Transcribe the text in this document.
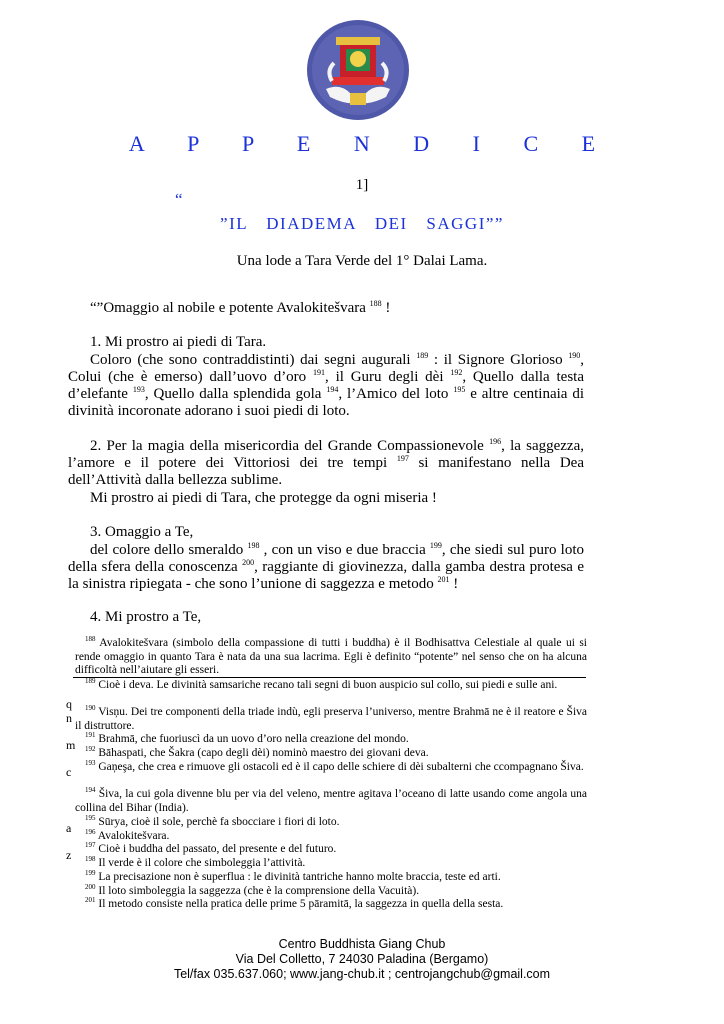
A P P E N D I C E
1]
“
”IL DIADEMA DEI SAGGI””
Una lode a Tara Verde del 1° Dalai Lama.
“”Omaggio al nobile e potente Avalokitešvara $^{188}$ !
1. Mi prostro ai piedi di Tara.
Coloro (che sono contraddistinti) dai segni augurali $^{189}$ : il Signore Glorioso $^{190}$, Colui (che è emerso) dall’uovo d’oro $^{191}$, il Guru degli dèi $^{192}$, Quello dalla testa d’elefante $^{193}$, Quello dalla splendida gola $^{194}$, l’Amico del loto $^{195}$ e altre centinaia di divinità incoronate adorano i suoi piedi di loto.
2. Per la magia della misericordia del Grande Compassionevole $^{196}$, la saggezza, l’amore e il potere dei Vittoriosi dei tre tempi $^{197}$ si manifestano nella Dea dell’Attività dalla bellezza sublime.
Mi prostro ai piedi di Tara, che protegge da ogni miseria !
3. Omaggio a Te,
del colore dello smeraldo $^{198}$ , con un viso e due braccia $^{199}$, che siedi sul puro loto della sfera della conoscenza $^{200}$, raggiante di giovinezza, dalla gamba destra protesa e la sinistra ripiegata - che sono l’unione di saggezza e metodo $^{201}$ !
4. Mi prostro a Te,
$^{188}$ Avalokitešvara (simbolo della compassione di tutti i buddha) è il Bodhisattva Celestiale al quale ui si rende omaggio in quanto Tara è nata da una sua lacrima. Egli è definito “potente” nel senso che on ha alcuna difficoltà nell’aiutare gli esseri.
$^{189}$ Cioè i deva. Le divinità samsariche recano tali segni di buon auspicio sul collo, sui piedi e sulle ani.
$^{190}$ Visņu. Dei tre componenti della triade indù, egli preserva l’universo, mentre Brahmā ne è il reatore e Šiva il distruttore.
$^{191}$ Brahmā, che fuoriuscì da un uovo d’oro nella creazione del mondo.
$^{192}$ Bāhaspati, che Šakra (capo degli dèi) nominò maestro dei giovani deva.
$^{193}$ Gaņeşa, che crea e rimuove gli ostacoli ed è il capo delle schiere di dèi subalterni che ccompagnano Šiva.
$^{194}$ Šiva, la cui gola divenne blu per via del veleno, mentre agitava l’oceano di latte usando come angola una collina del Bihar (India).
$^{195}$ Sūrya, cioè il sole, perchè fa sbocciare i fiori di loto.
$^{196}$ Avalokitešvara.
$^{197}$ Cioè i buddha del passato, del presente e del futuro.
$^{198}$ Il verde è il colore che simboleggia l’attività.
$^{199}$ La precisazione non è superflua : le divinità tantriche hanno molte braccia, teste ed arti.
$^{200}$ Il loto simboleggia la saggezza (che è la comprensione della Vacuità).
$^{201}$ Il metodo consiste nella pratica delle prime 5 pāramitā, la saggezza in quella della sesta.
q
n
m
c
a
z
Centro Buddhista Giang Chub
Via Del Colletto, 7 24030 Paladina (Bergamo)
Tel/fax 035.637.060; www.jang-chub.it ; centrojangchub@gmail.com
